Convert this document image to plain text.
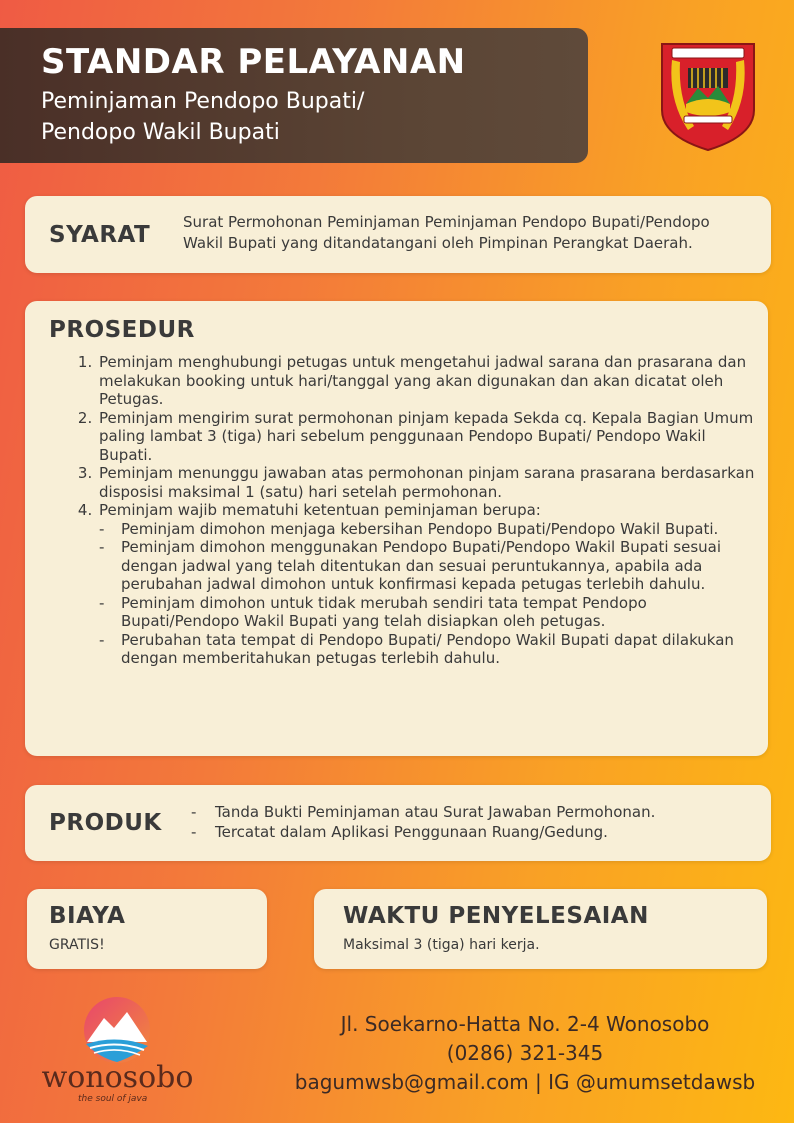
STANDAR PELAYANAN
Peminjaman Pendopo Bupati/
Pendopo Wakil Bupati
SYARAT Surat Permohonan Peminjaman Peminjaman Pendopo Bupati/Pendopo
Wakil Bupati yang ditandatangani oleh Pimpinan Perangkat Daerah.
PROSEDUR
1. Peminjam menghubungi petugas untuk mengetahui jadwal sarana dan prasarana dan melakukan booking untuk hari/tanggal yang akan digunakan dan akan dicatat oleh Petugas.
2. Peminjam mengirim surat permohonan pinjam kepada Sekda cq. Kepala Bagian Umum paling lambat 3 (tiga) hari sebelum penggunaan Pendopo Bupati/ Pendopo Wakil Bupati.
3. Peminjam menunggu jawaban atas permohonan pinjam sarana prasarana berdasarkan disposisi maksimal 1 (satu) hari setelah permohonan.
4. Peminjam wajib mematuhi ketentuan peminjaman berupa:
- Peminjam dimohon menjaga kebersihan Pendopo Bupati/Pendopo Wakil Bupati.
- Peminjam dimohon menggunakan Pendopo Bupati/Pendopo Wakil Bupati sesuai dengan jadwal yang telah ditentukan dan sesuai peruntukannya, apabila ada perubahan jadwal dimohon untuk konfirmasi kepada petugas terlebih dahulu.
- Peminjam dimohon untuk tidak merubah sendiri tata tempat Pendopo Bupati/Pendopo Wakil Bupati yang telah disiapkan oleh petugas.
- Perubahan tata tempat di Pendopo Bupati/ Pendopo Wakil Bupati dapat dilakukan dengan memberitahukan petugas terlebih dahulu.
PRODUK
-	Tanda Bukti Peminjaman atau Surat Jawaban Permohonan.
- Tercatat dalam Aplikasi Penggunaan Ruang/Gedung.
BIAYA
GRATIS!
WAKTU PENYELESAIAN
Maksimal 3 (tiga) hari kerja.
wonosobo
the soul of java
Jl. Soekarno-Hatta No. 2-4 Wonosobo
(0286) 321-345
bagumwsb@gmail.com | IG @umumsetdawsb
